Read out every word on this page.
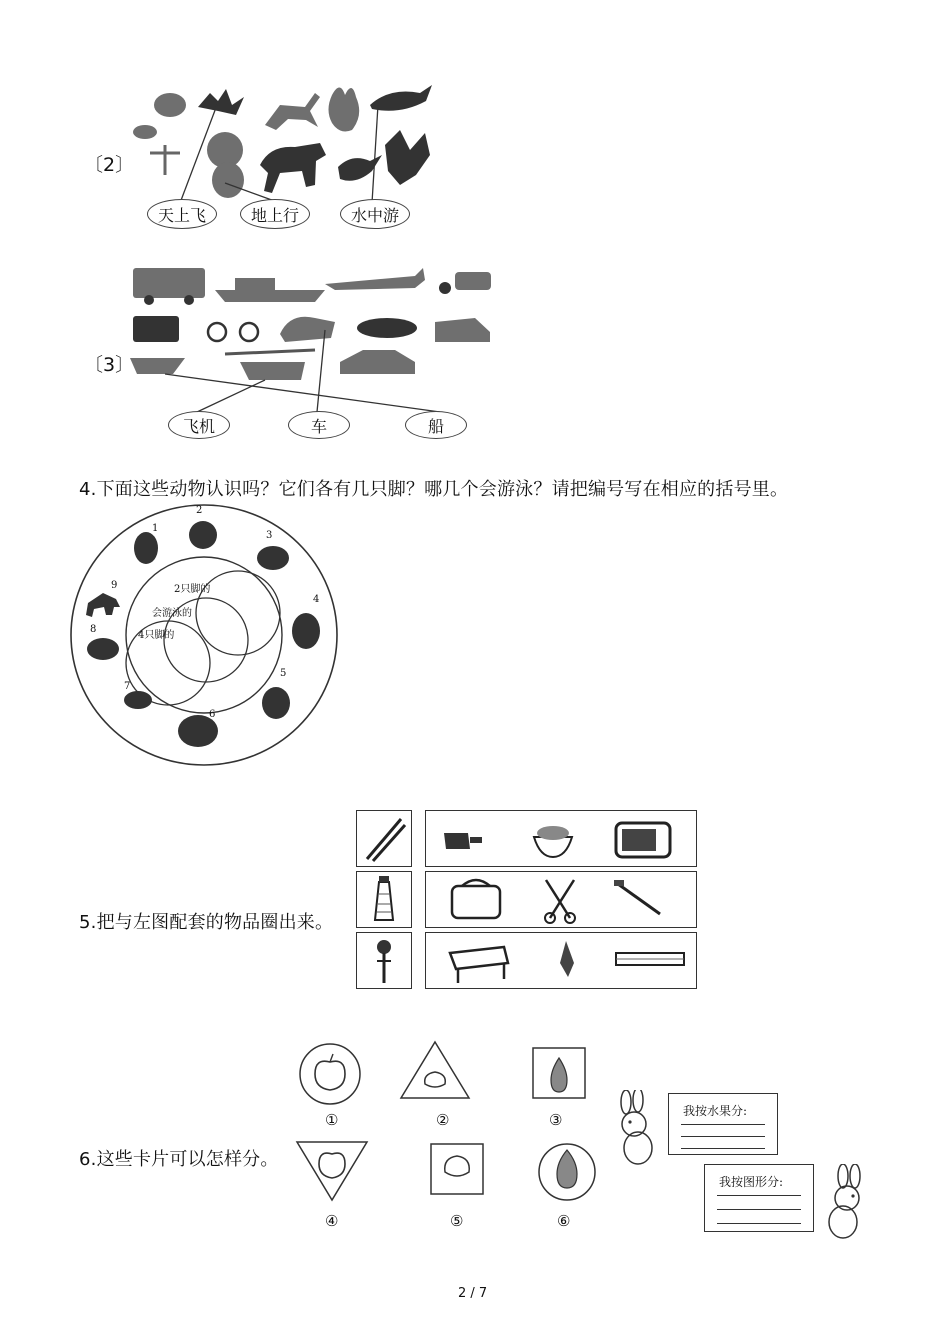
〔2〕
天上飞	地上行	水中游
〔3〕
飞机	车	船
4.下面这些动物认识吗？它们各有几只脚？哪几个会游泳？请把编号写在相应的括号里。
1
2
3
4
5
6
7
8
9	2只脚的
会游泳的
4只脚的
5.把与左图配套的物品圈出来。
6.这些卡片可以怎样分。
①	②	③
④	⑤	⑥
我按水果分:
我按图形分:
2 / 7
